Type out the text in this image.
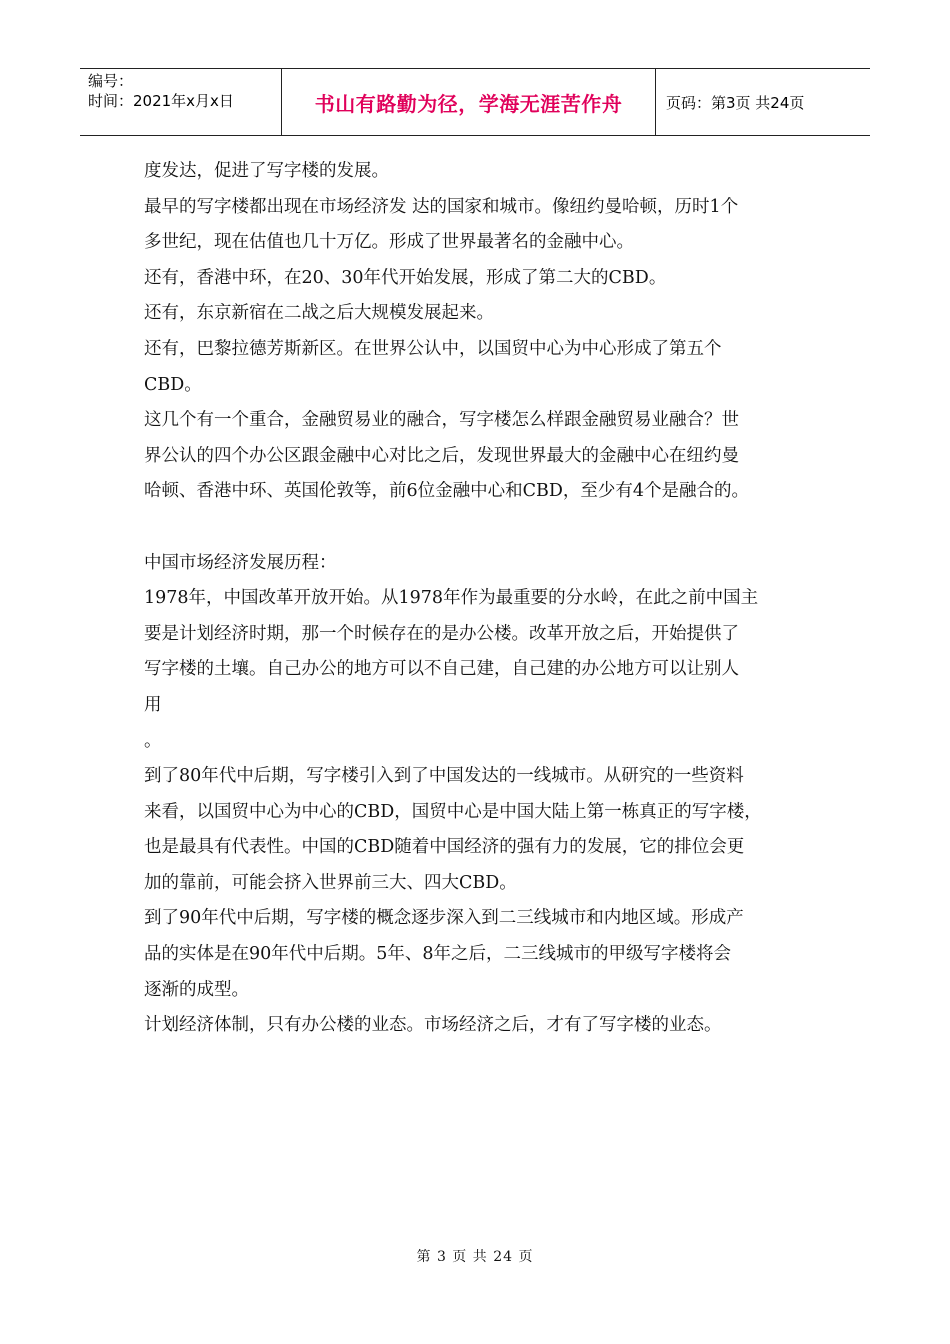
编号：
时间：2021年x月x日	书山有路勤为径，学海无涯苦作舟	页码：第3页 共24页

度发达，促进了写字楼的发展。

最早的写字楼都出现在市场经济发 达的国家和城市。像纽约曼哈顿，历时1个

多世纪，现在估值也几十万亿。形成了世界最著名的金融中心。

还有，香港中环，在20、30年代开始发展，形成了第二大的CBD。

还有，东京新宿在二战之后大规模发展起来。

还有，巴黎拉德芳斯新区。在世界公认中，以国贸中心为中心形成了第五个

CBD。

这几个有一个重合，金融贸易业的融合，写字楼怎么样跟金融贸易业融合？世

界公认的四个办公区跟金融中心对比之后，发现世界最大的金融中心在纽约曼

哈顿、香港中环、英国伦敦等，前6位金融中心和CBD，至少有4个是融合的。

中国市场经济发展历程：

1978年，中国改革开放开始。从1978年作为最重要的分水岭，在此之前中国主

要是计划经济时期，那一个时候存在的是办公楼。改革开放之后，开始提供了

写字楼的土壤。自己办公的地方可以不自己建，自己建的办公地方可以让别人

用

。

到了80年代中后期，写字楼引入到了中国发达的一线城市。从研究的一些资料

来看，以国贸中心为中心的CBD，国贸中心是中国大陆上第一栋真正的写字楼，

也是最具有代表性。中国的CBD随着中国经济的强有力的发展，它的排位会更

加的靠前，可能会挤入世界前三大、四大CBD。

到了90年代中后期，写字楼的概念逐步深入到二三线城市和内地区域。形成产

品的实体是在90年代中后期。5年、8年之后，二三线城市的甲级写字楼将会

逐渐的成型。

计划经济体制，只有办公楼的业态。市场经济之后，才有了写字楼的业态。

第 3 页 共 24 页
